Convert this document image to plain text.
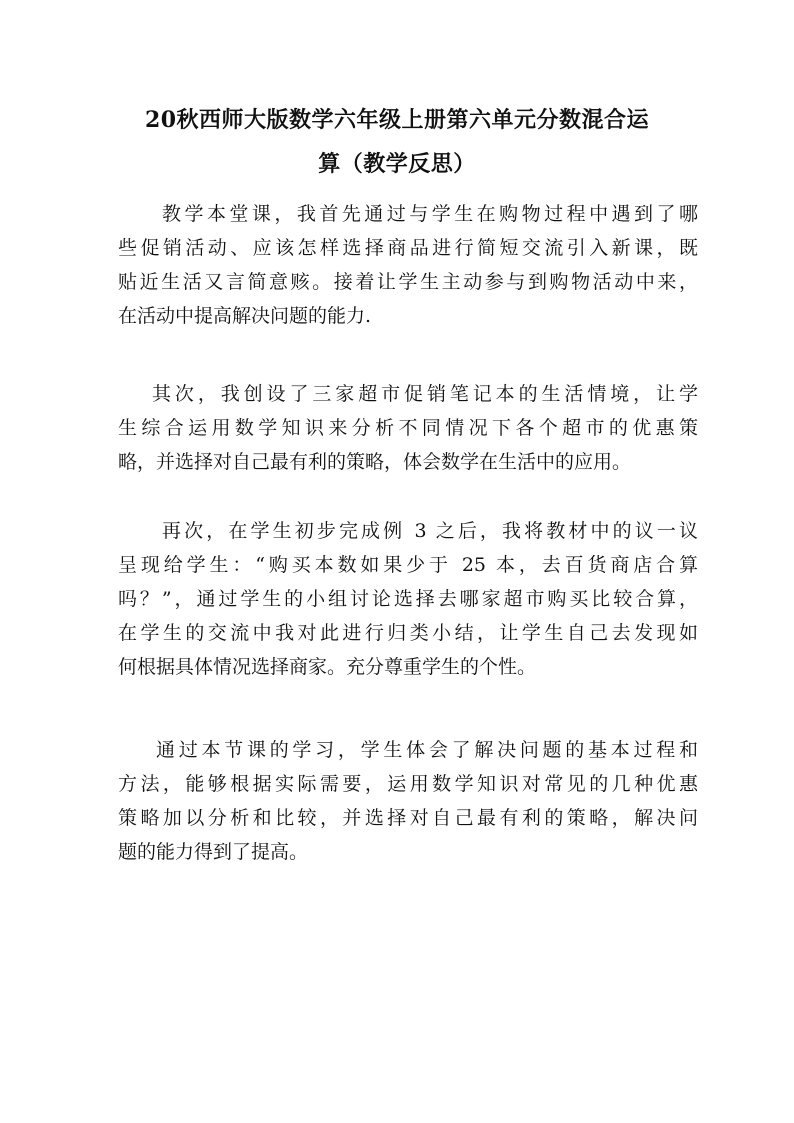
20秋西师大版数学六年级上册第六单元分数混合运
算（教学反思）
教学本堂课，我首先通过与学生在购物过程中遇到了哪
些促销活动、应该怎样选择商品进行简短交流引入新课，既
贴近生活又言简意赅。接着让学生主动参与到购物活动中来，
在活动中提高解决问题的能力.
其次，我创设了三家超市促销笔记本的生活情境，让学
生综合运用数学知识来分析不同情况下各个超市的优惠策
略，并选择对自己最有利的策略，体会数学在生活中的应用。
再次，在学生初步完成例 3 之后，我将教材中的议一议
呈现给学生：“购买本数如果少于 25 本，去百货商店合算
吗？”，通过学生的小组讨论选择去哪家超市购买比较合算，
在学生的交流中我对此进行归类小结，让学生自己去发现如
何根据具体情况选择商家。充分尊重学生的个性。
通过本节课的学习，学生体会了解决问题的基本过程和
方法，能够根据实际需要，运用数学知识对常见的几种优惠
策略加以分析和比较，并选择对自己最有利的策略，解决问
题的能力得到了提高。
